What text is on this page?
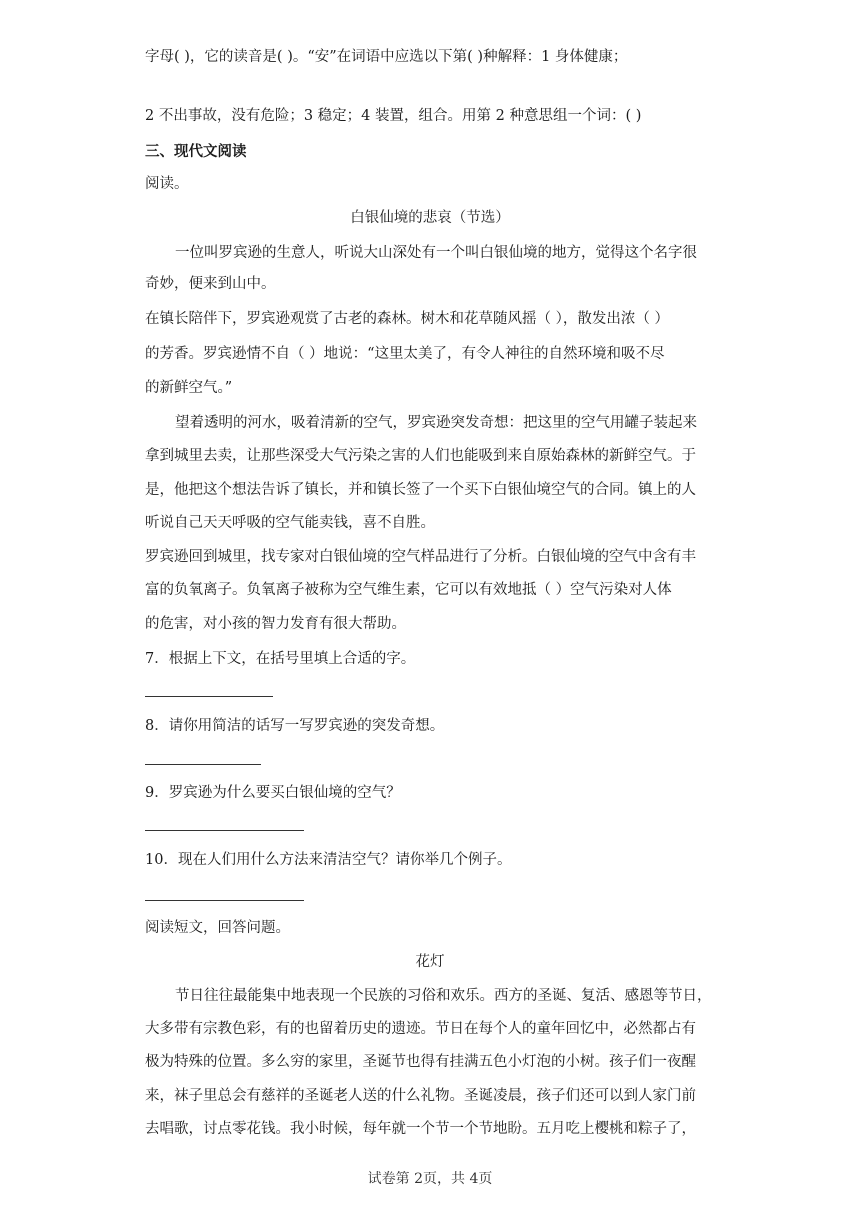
字母( )，它的读音是( )。“安”在词语中应选以下第( )种解释：1 身体健康；
2 不出事故，没有危险；3 稳定；4 装置，组合。用第 2 种意思组一个词：( )
三、现代文阅读
阅读。
白银仙境的悲哀（节选）
一位叫罗宾逊的生意人，听说大山深处有一个叫白银仙境的地方，觉得这个名字很
奇妙，便来到山中。
在镇长陪伴下，罗宾逊观赏了古老的森林。树木和花草随风摇（ ），散发出浓（ ）
的芳香。罗宾逊情不自（ ）地说：“这里太美了，有令人神往的自然环境和吸不尽
的新鲜空气。”
望着透明的河水，吸着清新的空气，罗宾逊突发奇想：把这里的空气用罐子装起来
拿到城里去卖，让那些深受大气污染之害的人们也能吸到来自原始森林的新鲜空气。于
是，他把这个想法告诉了镇长，并和镇长签了一个买下白银仙境空气的合同。镇上的人
听说自己天天呼吸的空气能卖钱，喜不自胜。
罗宾逊回到城里，找专家对白银仙境的空气样品进行了分析。白银仙境的空气中含有丰
富的负氧离子。负氧离子被称为空气维生素，它可以有效地抵（ ）空气污染对人体
的危害，对小孩的智力发育有很大帮助。
7．根据上下文，在括号里填上合适的字。
8．请你用简洁的话写一写罗宾逊的突发奇想。
9．罗宾逊为什么要买白银仙境的空气？
10．现在人们用什么方法来清洁空气？请你举几个例子。
阅读短文，回答问题。
花灯
节日往往最能集中地表现一个民族的习俗和欢乐。西方的圣诞、复活、感恩等节日，
大多带有宗教色彩，有的也留着历史的遗迹。节日在每个人的童年回忆中，必然都占有
极为特殊的位置。多么穷的家里，圣诞节也得有挂满五色小灯泡的小树。孩子们一夜醒
来，袜子里总会有慈祥的圣诞老人送的什么礼物。圣诞凌晨，孩子们还可以到人家门前
去唱歌，讨点零花钱。我小时候，每年就一个节一个节地盼。五月吃上樱桃和粽子了，
试卷第 2页，共 4页
